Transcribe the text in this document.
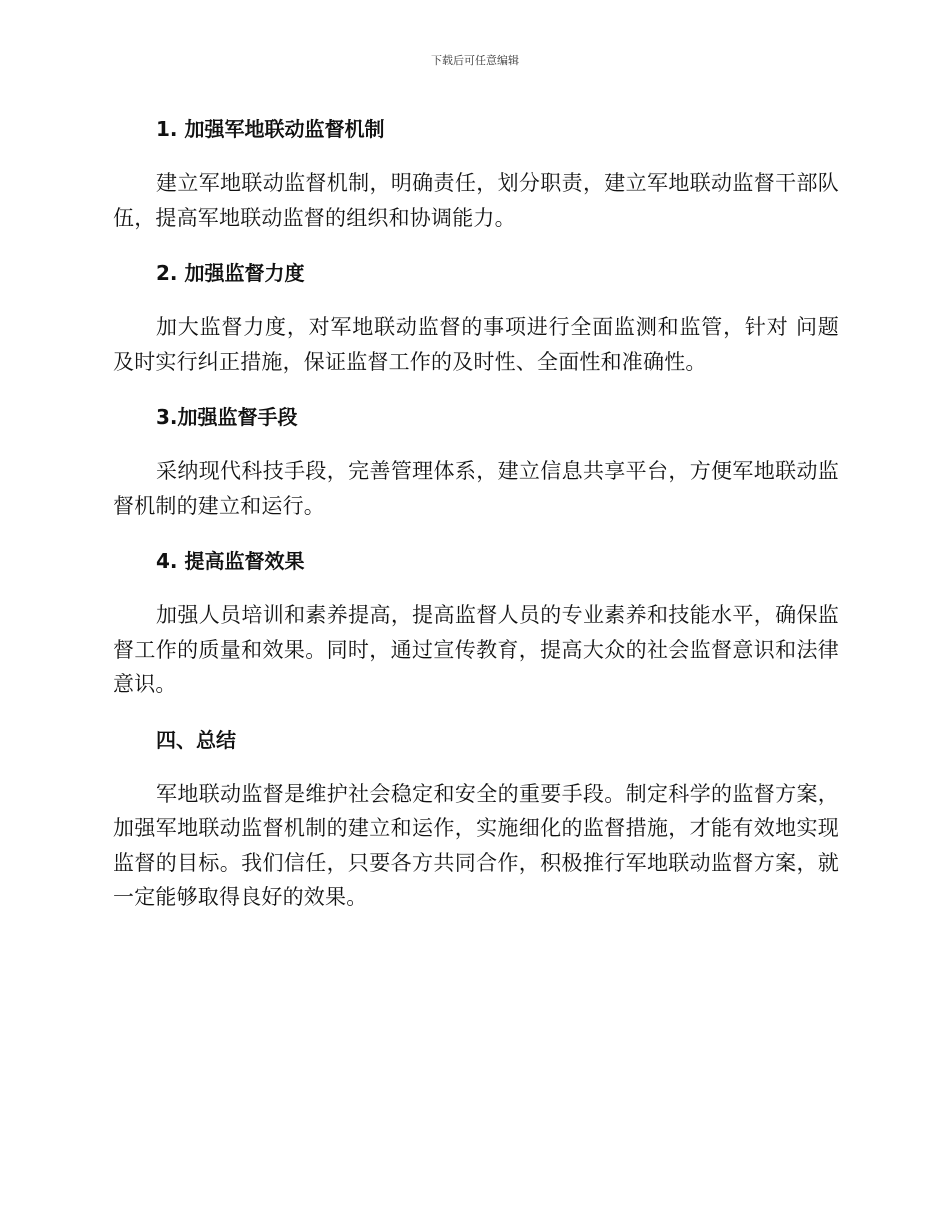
下载后可任意编辑
1. 加强军地联动监督机制

建立军地联动监督机制，明确责任，划分职责，建立军地联动监督干部队伍，提高军地联动监督的组织和协调能力。

2. 加强监督力度

加大监督力度，对军地联动监督的事项进行全面监测和监管，针对 问题及时实行纠正措施，保证监督工作的及时性、全面性和准确性。

3.加强监督手段

采纳现代科技手段，完善管理体系，建立信息共享平台，方便军地联动监督机制的建立和运行。

4. 提高监督效果

加强人员培训和素养提高，提高监督人员的专业素养和技能水平，确保监督工作的质量和效果。同时，通过宣传教育，提高大众的社会监督意识和法律意识。

四、总结

军地联动监督是维护社会稳定和安全的重要手段。制定科学的监督方案，加强军地联动监督机制的建立和运作，实施细化的监督措施，才能有效地实现监督的目标。我们信任，只要各方共同合作，积极推行军地联动监督方案，就一定能够取得良好的效果。
